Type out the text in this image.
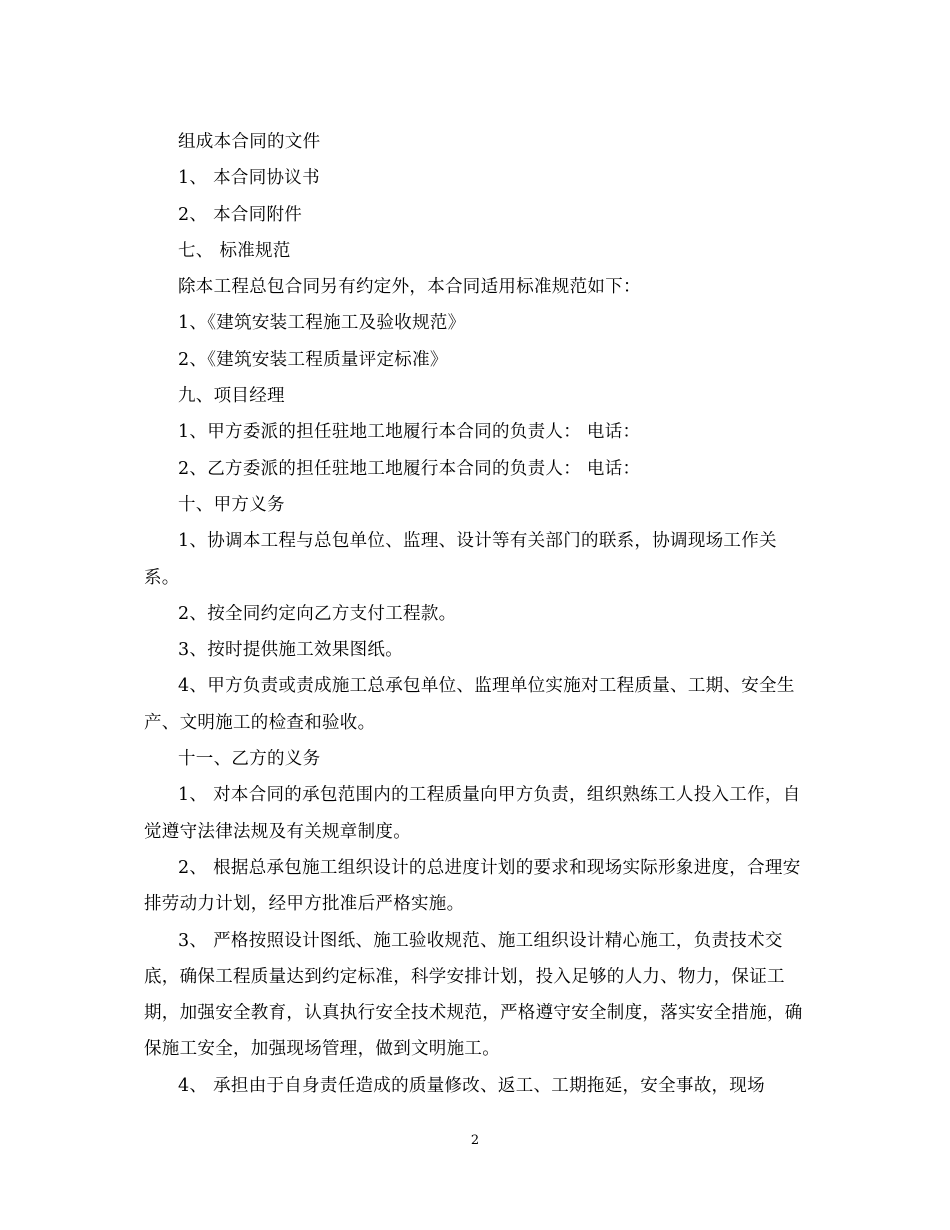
组成本合同的文件

1、 本合同协议书

2、 本合同附件

七、 标准规范

除本工程总包合同另有约定外，本合同适用标准规范如下：

1、《建筑安装工程施工及验收规范》

2、《建筑安装工程质量评定标准》

九、项目经理

1、甲方委派的担任驻地工地履行本合同的负责人： 电话：

2、乙方委派的担任驻地工地履行本合同的负责人： 电话：

十、甲方义务

1、协调本工程与总包单位、监理、设计等有关部门的联系，协调现场工作关系。

2、按全同约定向乙方支付工程款。

3、按时提供施工效果图纸。

4、甲方负责或责成施工总承包单位、监理单位实施对工程质量、工期、安全生产、文明施工的检查和验收。

十一、乙方的义务

1、 对本合同的承包范围内的工程质量向甲方负责，组织熟练工人投入工作，自觉遵守法律法规及有关规章制度。

2、 根据总承包施工组织设计的总进度计划的要求和现场实际形象进度，合理安排劳动力计划，经甲方批准后严格实施。

3、 严格按照设计图纸、施工验收规范、施工组织设计精心施工，负责技术交底，确保工程质量达到约定标准，科学安排计划，投入足够的人力、物力，保证工期，加强安全教育，认真执行安全技术规范，严格遵守安全制度，落实安全措施，确保施工安全，加强现场管理，做到文明施工。

4、 承担由于自身责任造成的质量修改、返工、工期拖延，安全事故，现场

2
